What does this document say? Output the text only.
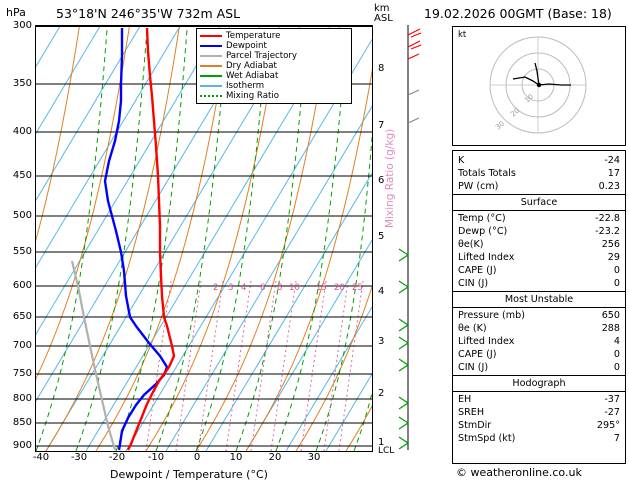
hPa 53°18'N 246°35'W 732m ASL	km
ASL 19.02.2026 00GMT (Base: 18)
300
350
400
450
500
550
600
650
700
750
800
850
900
-40	-30	-20	-10	0	10	20	30
Dewpoint / Temperature (°C)
Temperature
Dewpoint
Parcel Trajectory
Dry Adiabat
Wet Adiabat
Isotherm
Mixing Ratio
2 3 4 6 8 10 15 20 25
Mixing Ratio (g/kg)
8
7
6
5
4
3
2
1
LCL
kt
10
20
30
K	-24
Totals Totals	17
PW (cm)	0.23
Surface
Temp (°C)	-22.8
Dewp (°C)	-23.2
θe(K)	256
Lifted Index	29
CAPE (J)	0
CIN (J)	0
Most Unstable
Pressure (mb)	650
θe (K)	288
Lifted Index	4
CAPE (J)	0
CIN (J)	0
Hodograph
EH	-37
SREH	-27
StmDir	295°
StmSpd (kt)	7
© weatheronline.co.uk
